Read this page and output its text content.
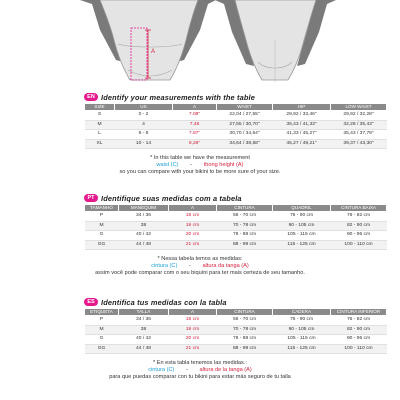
A
EN Identify your measurements with the table
SIZE	US	A	WAIST	HIP	LOW WAIST
S	0 - 2	7.08"	22,04 / 27,55"	29,92 / 33,46"	29,92 / 32,28"
M	4	7.48	27,55 / 30,70"	35,43 / 41,33"	32,28 / 35,43"
L	6 - 8	7.87"	30,70 / 34,64"	41,33 / 45,27"	35,43 / 37,79"
XL	10 - 14	8,26"	34,64 / 38,58"	45,27 / 49,21"	39,37 / 43,30"
* In this table we have the measurement
waist (C) - thong height (A)
so you can compare with your bikini to be more sure of your size.
PT Identifique suas medidas com a tabela
TAMANHO	MANEQUIM	A	CINTURA	QUADRIL	CINTURA BAIXA
P	34 / 36	18 cm	56 - 70 cm	76 - 90 cm	76 - 82 cm
M	38	19 cm	70 - 78 cm	90 - 105 cm	82 - 90 cm
G	40 / 42	20 cm	78 - 88 cm	105 - 115 cm	90 - 96 cm
GG	44 / 48	21 cm	88 - 98 cm	115 - 125 cm	100 - 110 cm
* Nessa tabela temos as medidas:
cintura (C) - altura da tanga (A)
assim você pode comparar com o seu biquíni para ter mais certeza de seu tamanho.
ES Identifica tus medidas con la tabla
ETIQUETA	TALLA	A	CINTURA	CADERA	CINTURA INFERIOR
P	34 / 36	18 cm	56 - 70 cm	76 - 90 cm	76 - 82 cm
M	38	19 cm	70 - 78 cm	90 - 105 cm	82 - 90 cm
G	40 / 42	20 cm	78 - 88 cm	105 - 115 cm	90 - 96 cm
GG	44 / 48	21 cm	88 - 98 cm	115 - 125 cm	100 - 110 cm
* En esta tabla tenemos las medidas.:
cintura (C) - altura de la tanga (A)
para que puedas comparar con tu bikini para estar más seguro de tu talla
